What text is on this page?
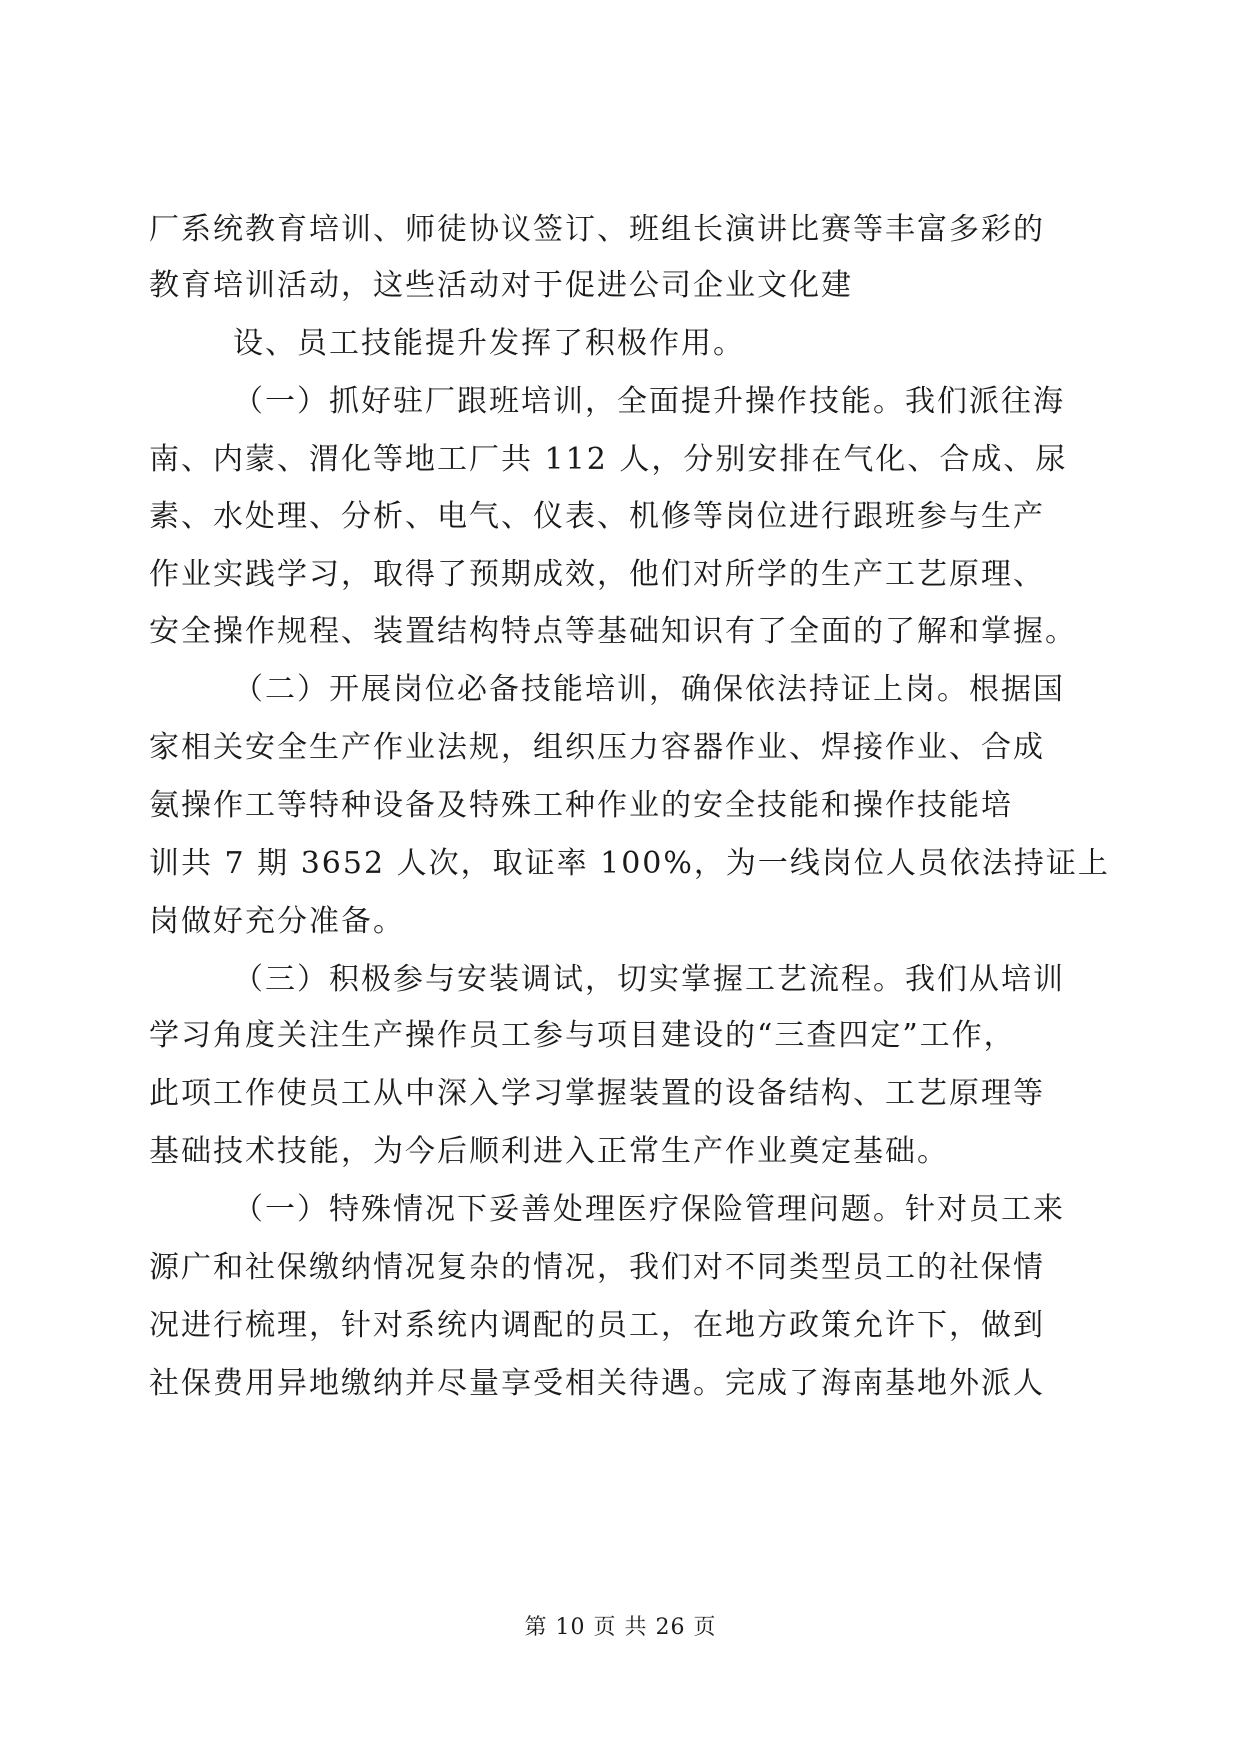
厂系统教育培训、师徒协议签订、班组长演讲比赛等丰富多彩的
教育培训活动，这些活动对于促进公司企业文化建
设、员工技能提升发挥了积极作用。
（一）抓好驻厂跟班培训，全面提升操作技能。我们派往海
南、内蒙、渭化等地工厂共 112 人，分别安排在气化、合成、尿
素、水处理、分析、电气、仪表、机修等岗位进行跟班参与生产
作业实践学习，取得了预期成效，他们对所学的生产工艺原理、
安全操作规程、装置结构特点等基础知识有了全面的了解和掌握。
（二）开展岗位必备技能培训，确保依法持证上岗。根据国
家相关安全生产作业法规，组织压力容器作业、焊接作业、合成
氨操作工等特种设备及特殊工种作业的安全技能和操作技能培
训共 7 期 3652 人次，取证率 100%，为一线岗位人员依法持证上
岗做好充分准备。
（三）积极参与安装调试，切实掌握工艺流程。我们从培训
学习角度关注生产操作员工参与项目建设的“三查四定”工作，
此项工作使员工从中深入学习掌握装置的设备结构、工艺原理等
基础技术技能，为今后顺利进入正常生产作业奠定基础。
（一）特殊情况下妥善处理医疗保险管理问题。针对员工来
源广和社保缴纳情况复杂的情况，我们对不同类型员工的社保情
况进行梳理，针对系统内调配的员工，在地方政策允许下，做到
社保费用异地缴纳并尽量享受相关待遇。完成了海南基地外派人
第 10 页 共 26 页
